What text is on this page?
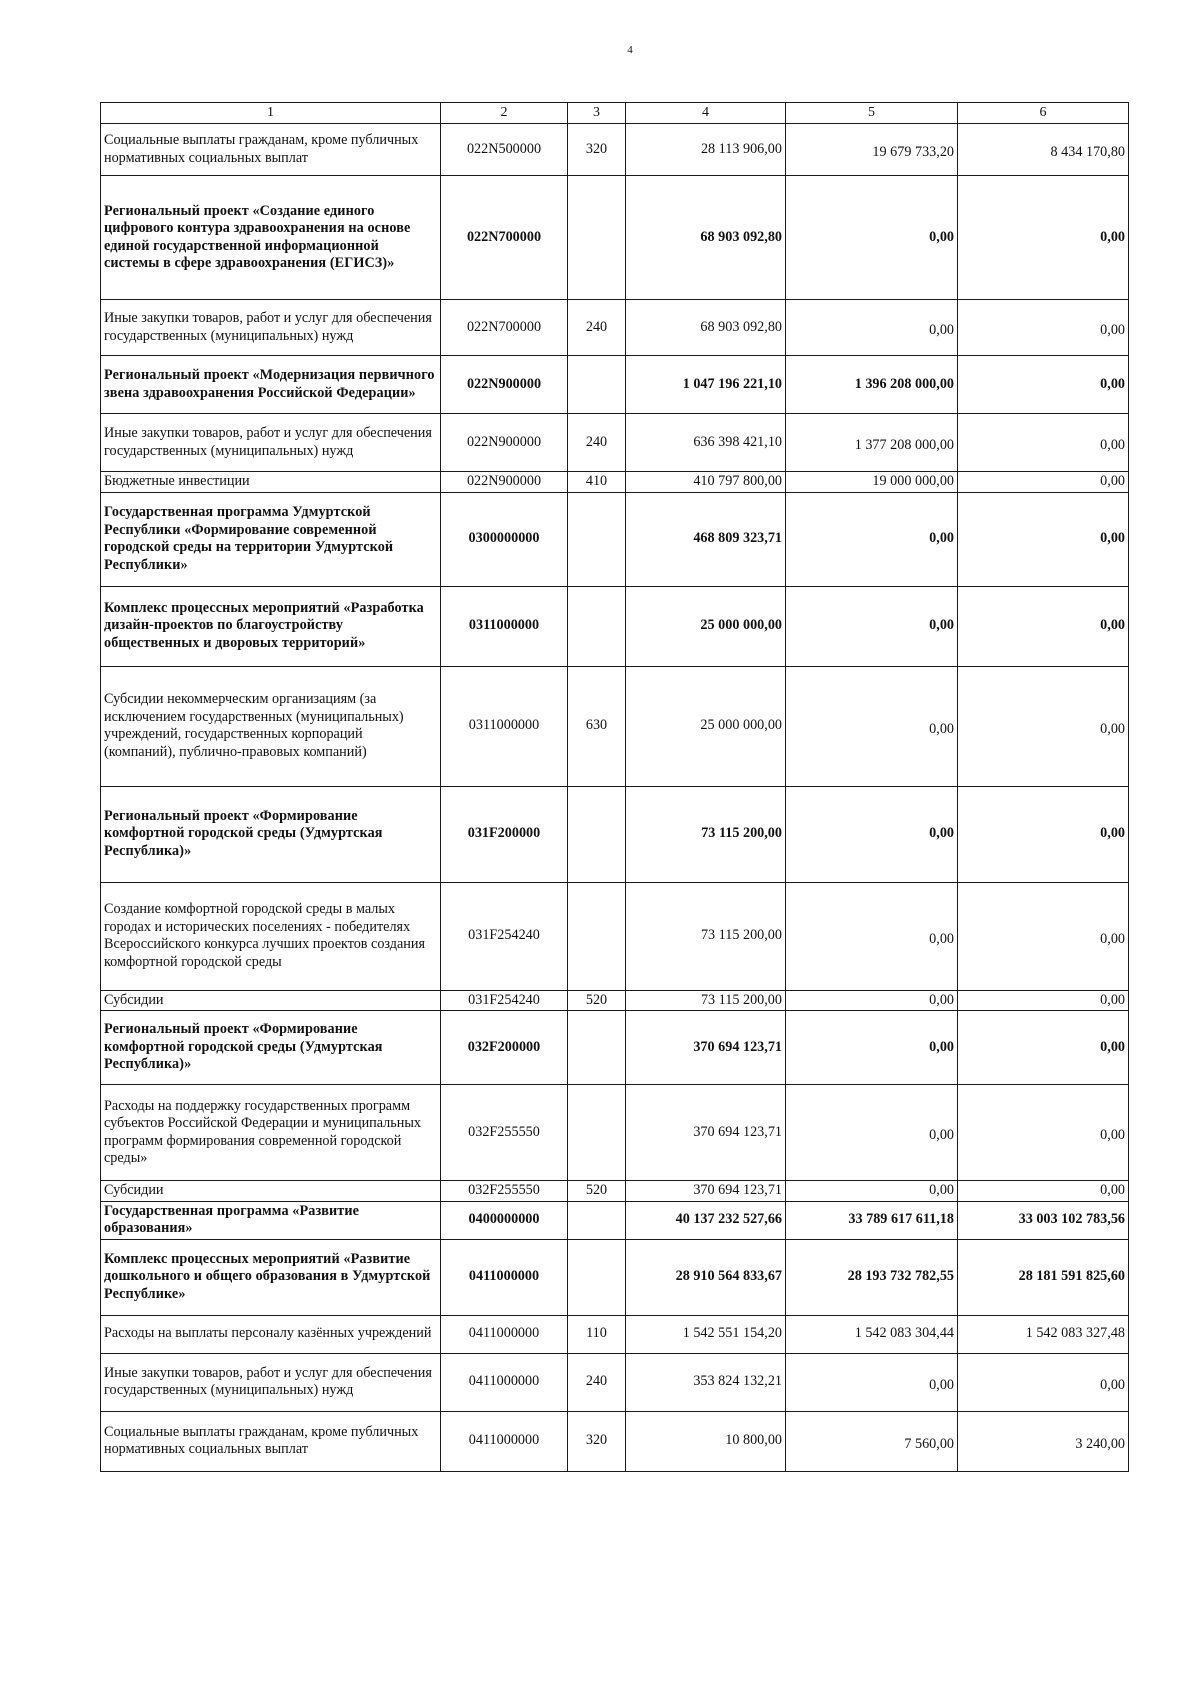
4
1	2	3	4	5	6
Социальные выплаты гражданам, кроме публичных нормативных социальных выплат	022N500000	320	28 113 906,00	19 679 733,20	8 434 170,80
Региональный проект «Создание единого цифрового контура здравоохранения на основе единой государственной информационной системы в сфере здравоохранения (ЕГИСЗ)»	022N700000		68 903 092,80	0,00	0,00
Иные закупки товаров, работ и услуг для обеспечения государственных (муниципальных) нужд	022N700000	240	68 903 092,80	0,00	0,00
Региональный проект «Модернизация первичного звена здравоохранения Российской Федерации»	022N900000		1 047 196 221,10	1 396 208 000,00	0,00
Иные закупки товаров, работ и услуг для обеспечения государственных (муниципальных) нужд	022N900000	240	636 398 421,10	1 377 208 000,00	0,00
Бюджетные инвестиции	022N900000	410	410 797 800,00	19 000 000,00	0,00
Государственная программа Удмуртской Республики «Формирование современной городской среды на территории Удмуртской Республики»	0300000000		468 809 323,71	0,00	0,00
Комплекс процессных мероприятий «Разработка дизайн-проектов по благоустройству общественных и дворовых территорий»	0311000000		25 000 000,00	0,00	0,00
Субсидии некоммерческим организациям (за исключением государственных (муниципальных) учреждений, государственных корпораций (компаний), публично-правовых компаний)	0311000000	630	25 000 000,00	0,00	0,00
Региональный проект «Формирование комфортной городской среды (Удмуртская Республика)»	031F200000		73 115 200,00	0,00	0,00
Создание комфортной городской среды в малых городах и исторических поселениях - победителях Всероссийского конкурса лучших проектов создания комфортной городской среды	031F254240		73 115 200,00	0,00	0,00
Субсидии	031F254240	520	73 115 200,00	0,00	0,00
Региональный проект «Формирование комфортной городской среды (Удмуртская Республика)»	032F200000		370 694 123,71	0,00	0,00
Расходы на поддержку государственных программ субъектов Российской Федерации и муниципальных программ формирования современной городской среды»	032F255550		370 694 123,71	0,00	0,00
Субсидии	032F255550	520	370 694 123,71	0,00	0,00
Государственная программа «Развитие образования»	0400000000		40 137 232 527,66	33 789 617 611,18	33 003 102 783,56
Комплекс процессных мероприятий «Развитие дошкольного и общего образования в Удмуртской Республике»	0411000000		28 910 564 833,67	28 193 732 782,55	28 181 591 825,60
Расходы на выплаты персоналу казённых учреждений	0411000000	110	1 542 551 154,20	1 542 083 304,44	1 542 083 327,48
Иные закупки товаров, работ и услуг для обеспечения государственных (муниципальных) нужд	0411000000	240	353 824 132,21	0,00	0,00
Социальные выплаты гражданам, кроме публичных нормативных социальных выплат	0411000000	320	10 800,00	7 560,00	3 240,00
